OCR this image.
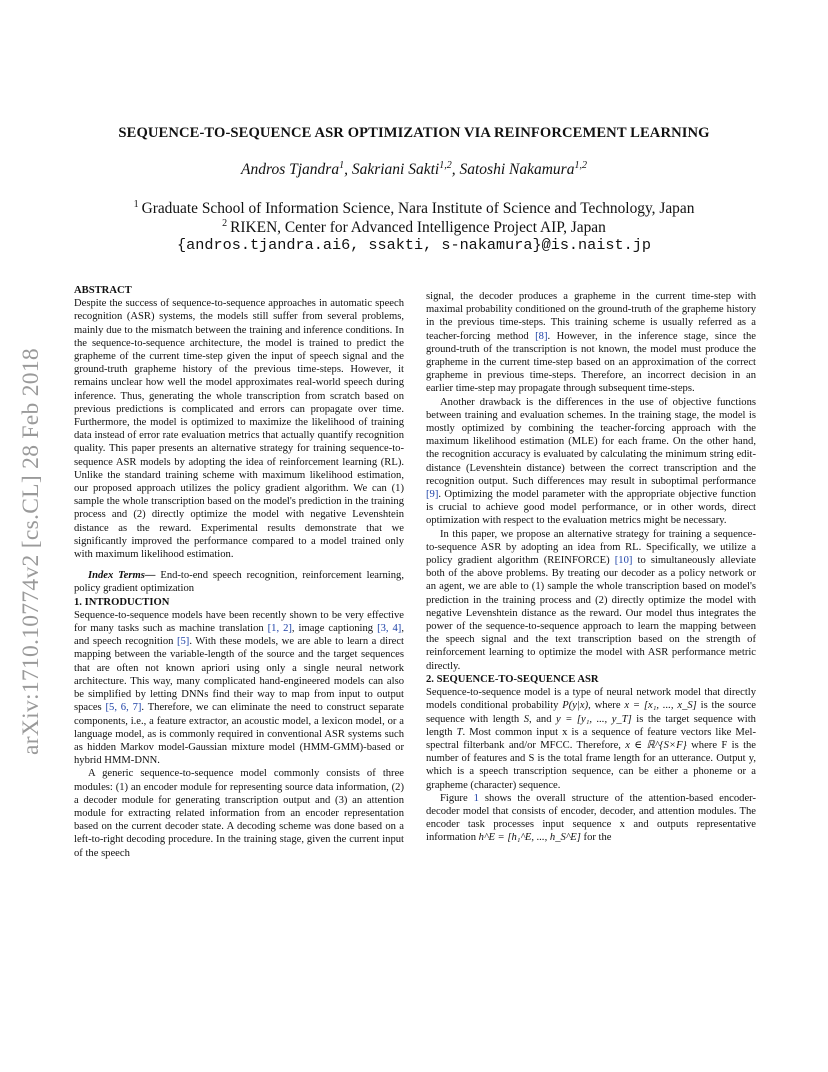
arXiv:1710.10774v2 [cs.CL] 28 Feb 2018
SEQUENCE-TO-SEQUENCE ASR OPTIMIZATION VIA REINFORCEMENT LEARNING
Andros Tjandra$^1$, Sakriani Sakti$^{1,2}$, Satoshi Nakamura$^{1,2}$
$^1$ Graduate School of Information Science, Nara Institute of Science and Technology, Japan
$^2$ RIKEN, Center for Advanced Intelligence Project AIP, Japan
{andros.tjandra.ai6, ssakti, s-nakamura}@is.naist.jp

ABSTRACT

Despite the success of sequence-to-sequence approaches in automatic speech recognition (ASR) systems, the models still suffer from several problems, mainly due to the mismatch between the training and inference conditions. In the sequence-to-sequence architecture, the model is trained to predict the grapheme of the current time-step given the input of speech signal and the ground-truth grapheme history of the previous time-steps. However, it remains unclear how well the model approximates real-world speech during inference. Thus, generating the whole transcription from scratch based on previous predictions is complicated and errors can propagate over time. Furthermore, the model is optimized to maximize the likelihood of training data instead of error rate evaluation metrics that actually quantify recognition quality. This paper presents an alternative strategy for training sequence-to-sequence ASR models by adopting the idea of reinforcement learning (RL). Unlike the standard training scheme with maximum likelihood estimation, our proposed approach utilizes the policy gradient algorithm. We can (1) sample the whole transcription based on the model's prediction in the training process and (2) directly optimize the model with negative Levenshtein distance as the reward. Experimental results demonstrate that we significantly improved the performance compared to a model trained only with maximum likelihood estimation.

Index Terms— End-to-end speech recognition, reinforcement learning, policy gradient optimization

1. INTRODUCTION

Sequence-to-sequence models have been recently shown to be very effective for many tasks such as machine translation [1, 2], image captioning [3, 4], and speech recognition [5]. With these models, we are able to learn a direct mapping between the variable-length of the source and the target sequences that are often not known apriori using only a single neural network architecture. This way, many complicated hand-engineered models can also be simplified by letting DNNs find their way to map from input to output spaces [5, 6, 7]. Therefore, we can eliminate the need to construct separate components, i.e., a feature extractor, an acoustic model, a lexicon model, or a language model, as is commonly required in conventional ASR systems such as hidden Markov model-Gaussian mixture model (HMM-GMM)-based or hybrid HMM-DNN.

A generic sequence-to-sequence model commonly consists of three modules: (1) an encoder module for representing source data information, (2) a decoder module for generating transcription output and (3) an attention module for extracting related information from an encoder representation based on the current decoder state. A decoding scheme was done based on a left-to-right decoding procedure. In the training stage, given the current input of the speech

signal, the decoder produces a grapheme in the current time-step with maximal probability conditioned on the ground-truth of the grapheme history in the previous time-steps. This training scheme is usually referred as a teacher-forcing method [8]. However, in the inference stage, since the ground-truth of the transcription is not known, the model must produce the grapheme in the current time-step based on an approximation of the correct grapheme in previous time-steps. Therefore, an incorrect decision in an earlier time-step may propagate through subsequent time-steps.

Another drawback is the differences in the use of objective functions between training and evaluation schemes. In the training stage, the model is mostly optimized by combining the teacher-forcing approach with the maximum likelihood estimation (MLE) for each frame. On the other hand, the recognition accuracy is evaluated by calculating the minimum string edit-distance (Levenshtein distance) between the correct transcription and the recognition output. Such differences may result in suboptimal performance [9]. Optimizing the model parameter with the appropriate objective function is crucial to achieve good model performance, or in other words, direct optimization with respect to the evaluation metrics might be necessary.

In this paper, we propose an alternative strategy for training a sequence-to-sequence ASR by adopting an idea from RL. Specifically, we utilize a policy gradient algorithm (REINFORCE) [10] to simultaneously alleviate both of the above problems. By treating our decoder as a policy network or an agent, we are able to (1) sample the whole transcription based on model's prediction in the training process and (2) directly optimize the model with negative Levenshtein distance as the reward. Our model thus integrates the power of the sequence-to-sequence approach to learn the mapping between the speech signal and the text transcription based on the strength of reinforcement learning to optimize the model with ASR performance metric directly.

2. SEQUENCE-TO-SEQUENCE ASR

Sequence-to-sequence model is a type of neural network model that directly models conditional probability P(y|x), where x = [x₁, ..., x_S] is the source sequence with length S, and y = [y₁, ..., y_T] is the target sequence with length T. Most common input x is a sequence of feature vectors like Mel-spectral filterbank and/or MFCC. Therefore, x ∈ ℝ^{S×F} where F is the number of features and S is the total frame length for an utterance. Output y, which is a speech transcription sequence, can be either a phoneme or a grapheme (character) sequence.

Figure 1 shows the overall structure of the attention-based encoder-decoder model that consists of encoder, decoder, and attention modules. The encoder task processes input sequence x and outputs representative information h^E = [h₁^E, ..., h_S^E] for the
